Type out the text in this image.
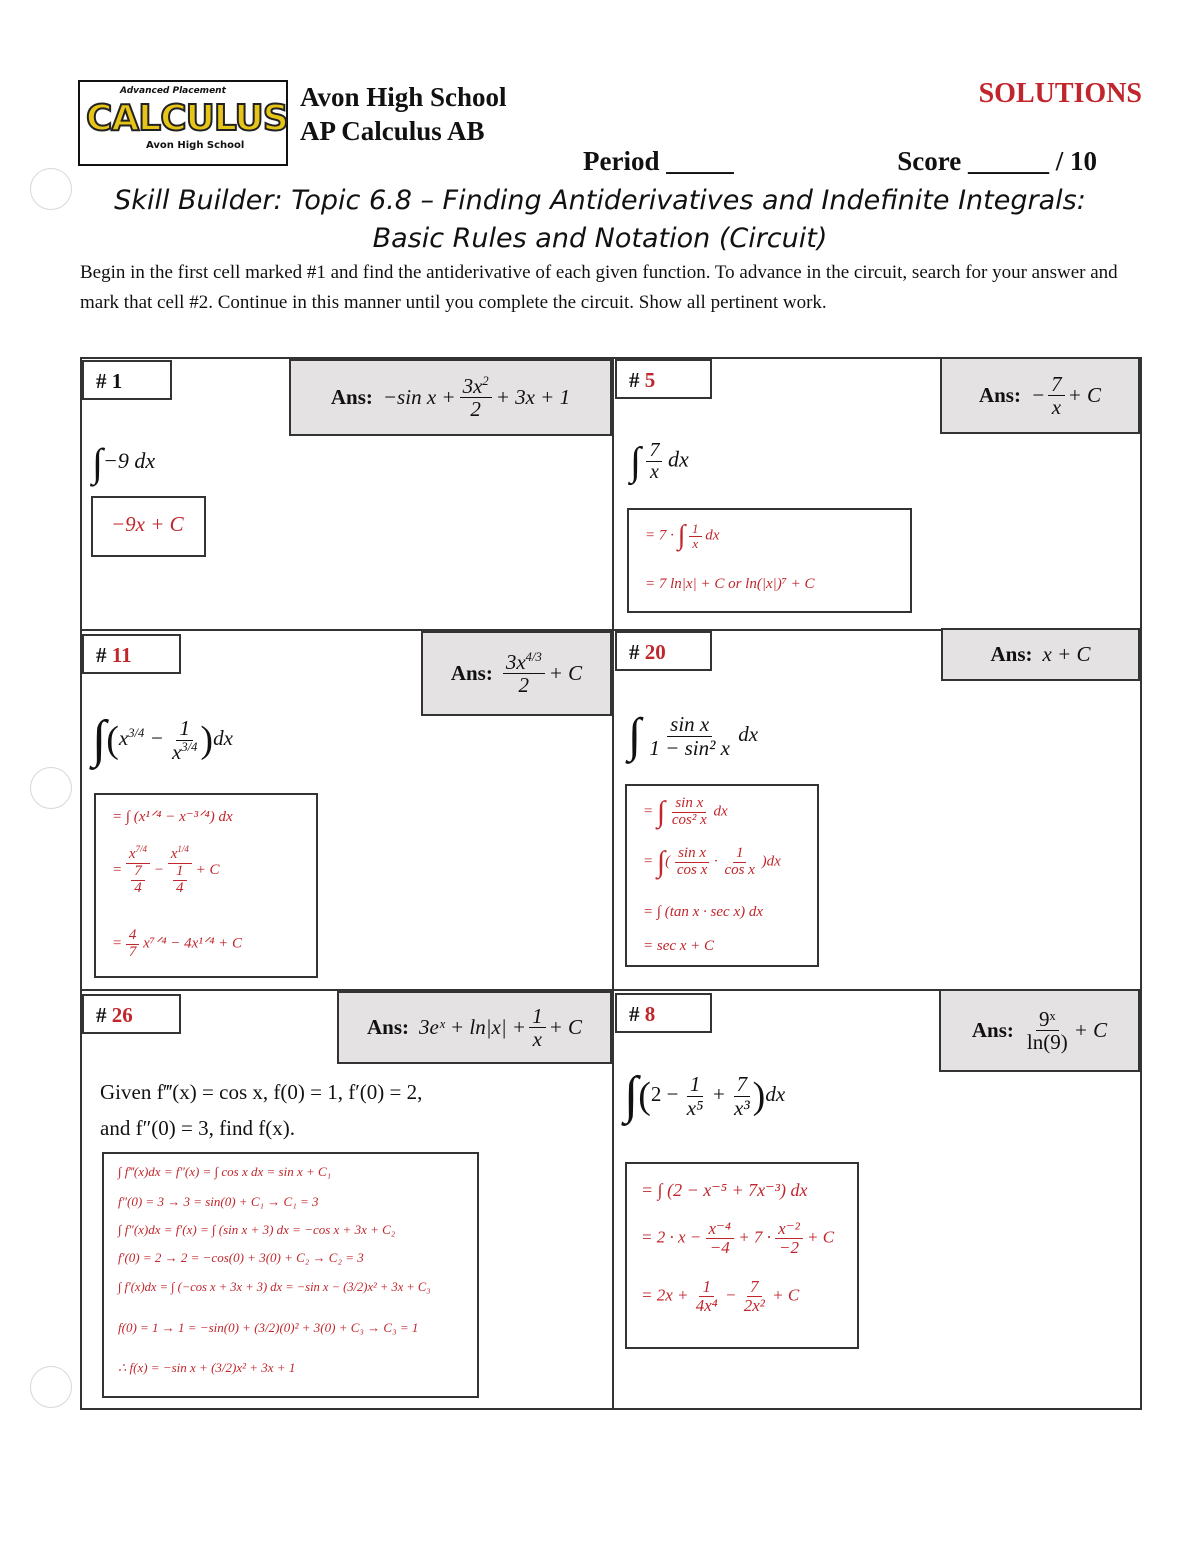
Advanced Placement
CALCULUS
Avon High School
Avon High School
AP Calculus AB
SOLUTIONS
Period _____	Score ______ / 10
Skill Builder: Topic 6.8 – Finding Antiderivatives and Indefinite Integrals:
Basic Rules and Notation (Circuit)
Begin in the first cell marked #1 and find the antiderivative of each given function. To advance in the circuit, search for your answer and mark that cell #2. Continue in this manner until you complete the circuit. Show all pertinent work.
# 1
Ans: −sin $x + \frac{3x^2}{2} + 3x + 1$
∫−9 dx
−9x + C
# 5
Ans: − $\frac{7}{x} + C$
∫ $\frac{7}{x}$ dx
= 7 · ∫ $\frac{1}{x}$ dx
= 7 ln|x| + C or ln(|x|)⁷ + C
# 11
Ans: $\frac{3x^{4/3}}{2} + C$
$\int(x^{3/4} - \frac{1}{x^{3/4}} )dx$
= ∫ (x¹ᐟ⁴ − x⁻³ᐟ⁴) dx
= $\frac{x^{7/4}}{\frac{7}{4}} - \frac{x^{1/4}}{\frac{1}{4}} + C$
= $\frac{4}{7}$ x⁷ᐟ⁴ − 4x¹ᐟ⁴ + C
# 20	Ans: x + C
∫ $\frac{\text{sin x}}{\text{1 − sin² x}}$ dx
= ∫ $\frac{\text{sin x}}{\text{cos² x}}$ dx
= ∫( $\frac{\text{sin x}}{\text{cos x}} \cdot \frac{1}{\text{cos x}} )dx$
= ∫ (tan x · sec x) dx
= sec x + C
# 26	Ans: 3eˣ + $\ln|x| + \frac{1}{x} + C$
Given f‴(x) = cos x, f(0) = 1, f′(0) = 2,
and f″(0) = 3, find f(x).
∫ f‴(x)dx = f″(x) = ∫ cos x dx = sin x + C₁
f″(0) = 3 → 3 = sin(0) + C₁ → C₁ = 3
∫ f″(x)dx = f′(x) = ∫ (sin x + 3) dx = −cos x + 3x + C₂
f′(0) = 2 → 2 = −cos(0) + 3(0) + C₂ → C₂ = 3
∫ f′(x)dx = ∫ (−cos x + 3x + 3) dx = −sin x − (3/2)x² + 3x + C₃
f(0) = 1 → 1 = −sin(0) + (3/2)(0)² + 3(0) + C₃ → C₃ = 1
∴ f(x) = −sin x + (3/2)x² + 3x + 1
# 8
Ans: $\frac{\text{9ˣ}}{\ln(9)} + C$
$\int(2 - \frac{1}{\text{x⁵}} + \frac{7}{\text{x³}} )dx$
= ∫ (2 − x⁻⁵ + 7x⁻³) dx
= $2 \cdot x - \frac{\text{x⁻⁴}}{-4} + 7 \cdot \frac{\text{x⁻²}}{-2} + C$
= $2x + \frac{1}{\text{4x⁴}} - \frac{7}{\text{2x²}} + C$
